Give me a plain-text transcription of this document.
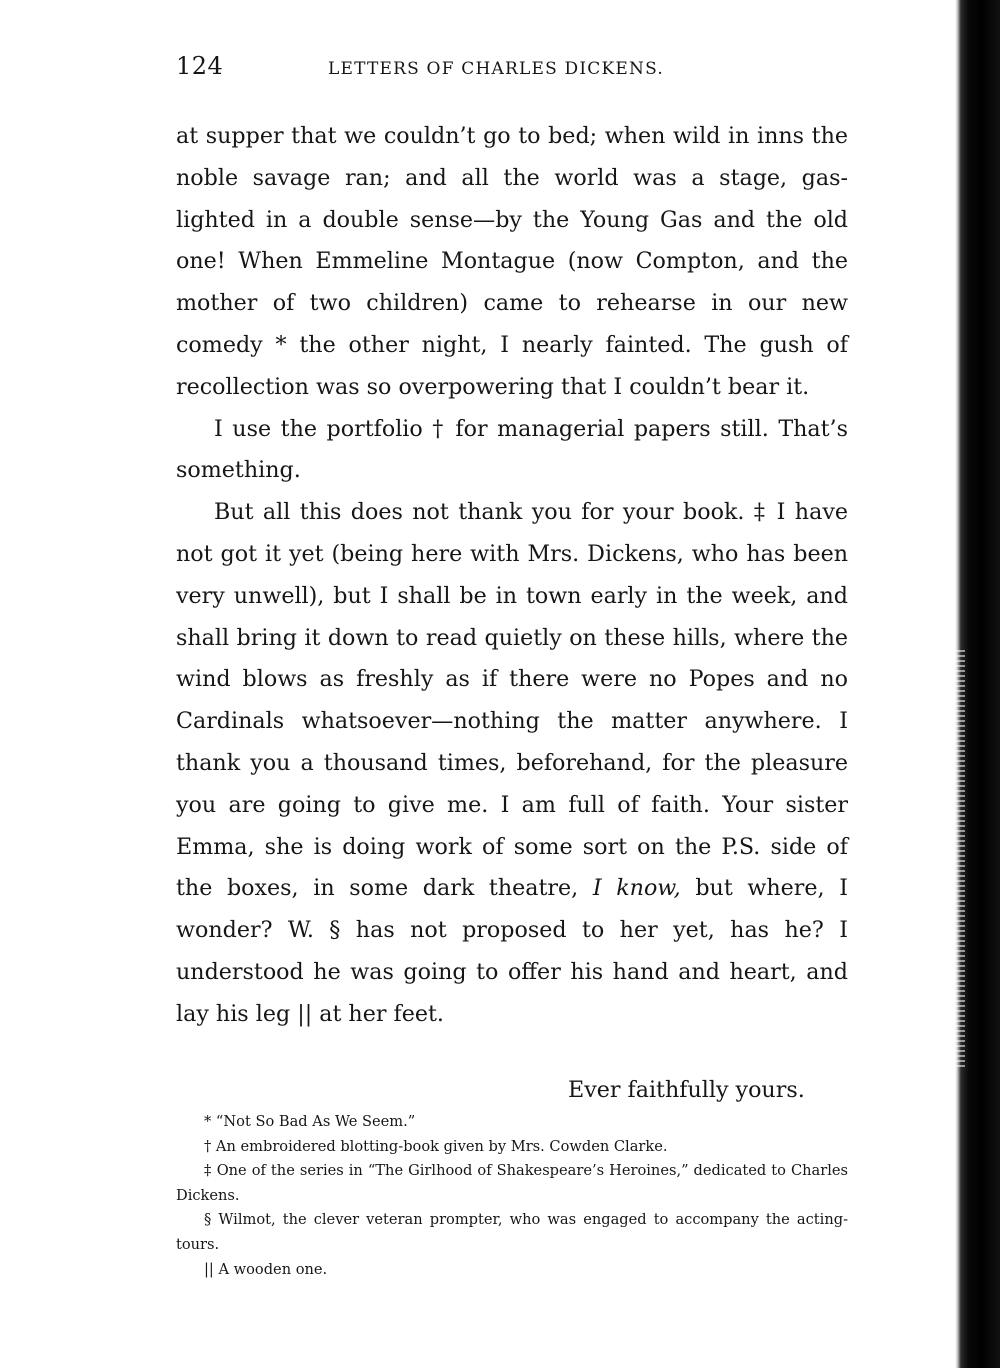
124	LETTERS OF CHARLES DICKENS.

at supper that we couldn’t go to bed; when wild in inns the noble savage ran; and all the world was a stage, gas-lighted in a double sense—by the Young Gas and the old one! When Emmeline Montague (now Compton, and the mother of two children) came to rehearse in our new comedy * the other night, I nearly fainted. The gush of recollection was so overpowering that I couldn’t bear it.

I use the portfolio † for managerial papers still. That’s something.

But all this does not thank you for your book. ‡ I have not got it yet (being here with Mrs. Dickens, who has been very unwell), but I shall be in town early in the week, and shall bring it down to read quietly on these hills, where the wind blows as freshly as if there were no Popes and no Cardinals whatsoever—nothing the matter anywhere. I thank you a thousand times, beforehand, for the pleasure you are going to give me. I am full of faith. Your sister Emma, she is doing work of some sort on the P.S. side of the boxes, in some dark theatre, I know, but where, I wonder? W. § has not proposed to her yet, has he? I understood he was going to offer his hand and heart, and lay his leg || at her feet.

Ever faithfully yours.

* “Not So Bad As We Seem.”

† An embroidered blotting-book given by Mrs. Cowden Clarke.

‡ One of the series in “The Girlhood of Shakespeare’s Heroines,” dedicated to Charles Dickens.

§ Wilmot, the clever veteran prompter, who was engaged to accompany the acting-tours.

|| A wooden one.
